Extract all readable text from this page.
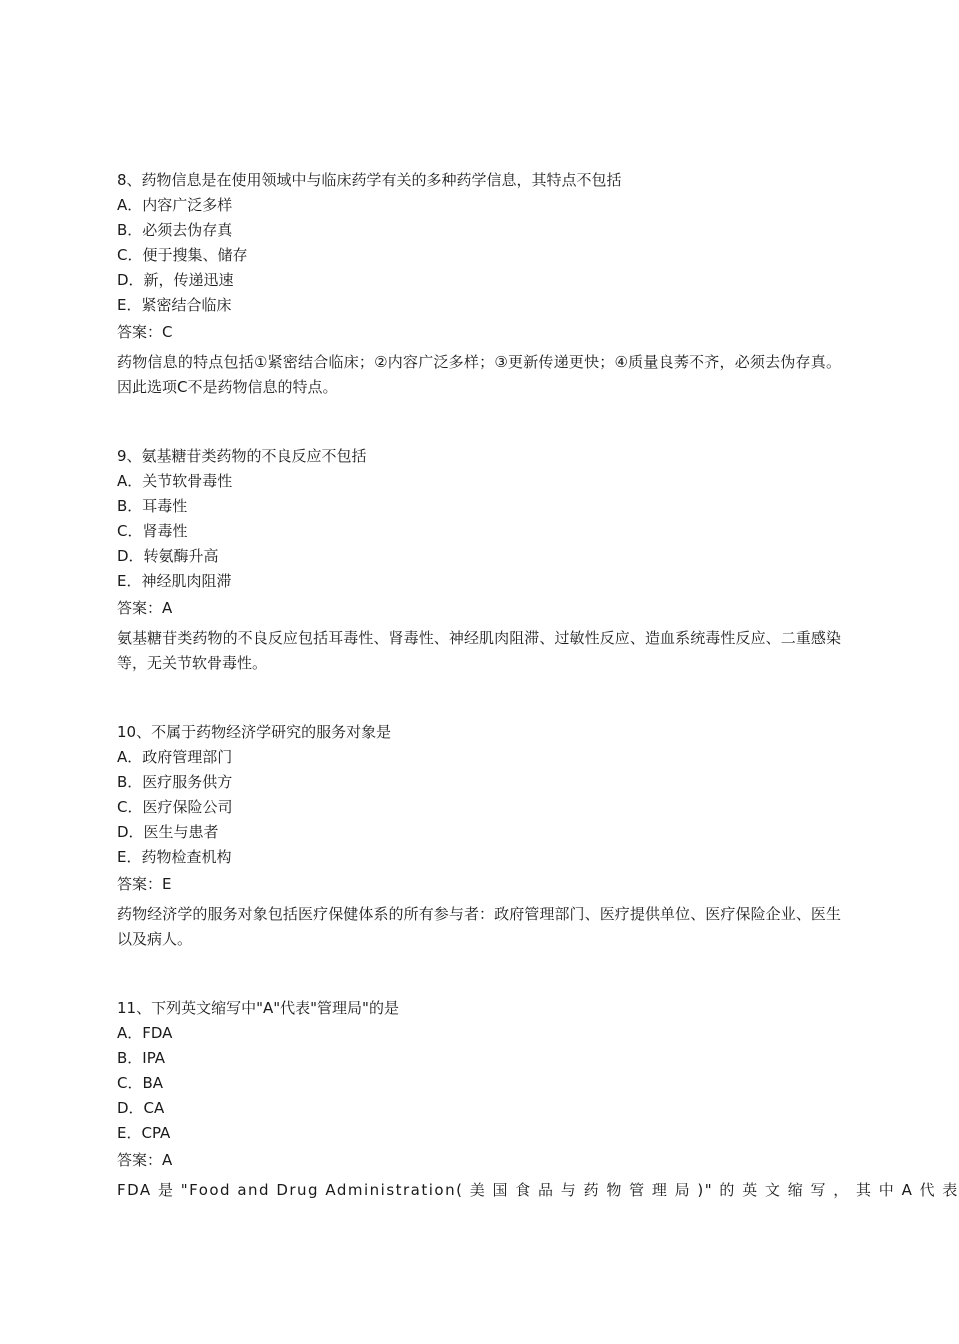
8、药物信息是在使用领域中与临床药学有关的多种药学信息，其特点不包括
A．内容广泛多样
B．必须去伪存真
C．便于搜集、储存
D．新，传递迅速
E．紧密结合临床
答案：C
药物信息的特点包括①紧密结合临床；②内容广泛多样；③更新传递更快；④质量良莠不齐，必须去伪存真。因此选项C不是药物信息的特点。
9、氨基糖苷类药物的不良反应不包括
A．关节软骨毒性
B．耳毒性
C．肾毒性
D．转氨酶升高
E．神经肌肉阻滞
答案：A
氨基糖苷类药物的不良反应包括耳毒性、肾毒性、神经肌肉阻滞、过敏性反应、造血系统毒性反应、二重感染等，无关节软骨毒性。
10、不属于药物经济学研究的服务对象是
A．政府管理部门
B．医疗服务供方
C．医疗保险公司
D．医生与患者
E．药物检查机构
答案：E
药物经济学的服务对象包括医疗保健体系的所有参与者：政府管理部门、医疗提供单位、医疗保险企业、医生以及病人。
11、下列英文缩写中"A"代表"管理局"的是
A．FDA
B．IPA
C．BA
D．CA
E．CPA
答案：A
FDA 是 "Food and Drug Administration( 美 国 食 品 与 药 物 管 理 局 )" 的 英 文 缩 写 ， 其 中 A 代 表
